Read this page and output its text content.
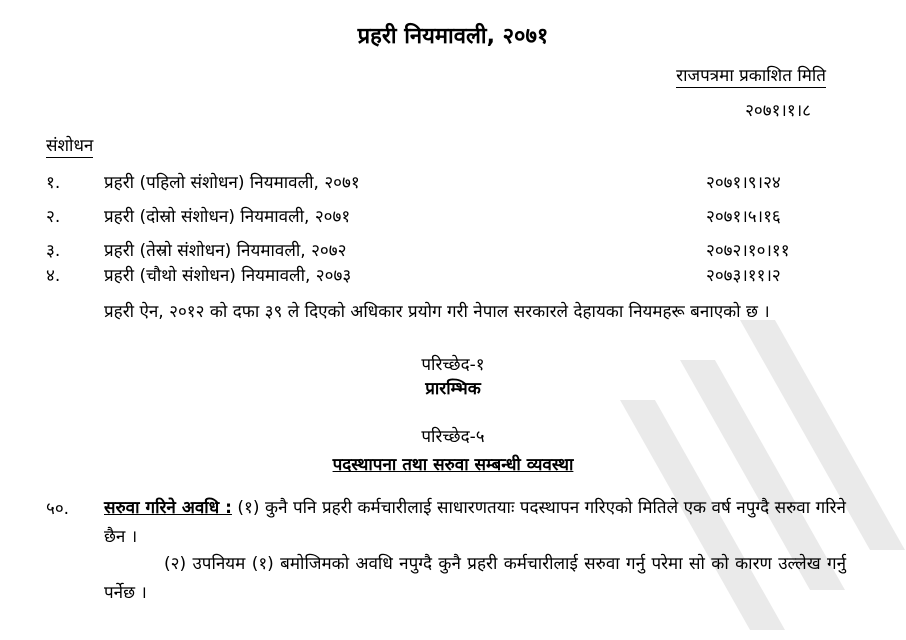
प्रहरी नियमावली, २०७१
राजपत्रमा प्रकाशित मिति
२०७१।१।८
संशोधन
१.	प्रहरी (पहिलो संशोधन) नियमावली, २०७१	२०७१।९।२४
२.	प्रहरी (दोस्रो संशोधन) नियमावली, २०७१	२०७१।५।१६
३.	प्रहरी (तेस्रो संशोधन) नियमावली, २०७२	२०७२।१०।११
४.	प्रहरी (चौथो संशोधन) नियमावली, २०७३	२०७३।११।२
प्रहरी ऐन, २०१२ को दफा ३९ ले दिएको अधिकार प्रयोग गरी नेपाल सरकारले देहायका नियमहरू बनाएको छ ।
परिच्छेद-१
प्रारम्भिक
परिच्छेद-५
पदस्थापना तथा सरुवा सम्बन्धी व्यवस्था
५०. सरुवा गरिने अवधि : (१) कुनै पनि प्रहरी कर्मचारीलाई साधारणतयाः पदस्थापन गरिएको मितिले एक वर्ष नपुग्दै सरुवा गरिने छैन ।
(२) उपनियम (१) बमोजिमको अवधि नपुग्दै कुनै प्रहरी कर्मचारीलाई सरुवा गर्नु परेमा सो को कारण उल्लेख गर्नु पर्नेछ ।
